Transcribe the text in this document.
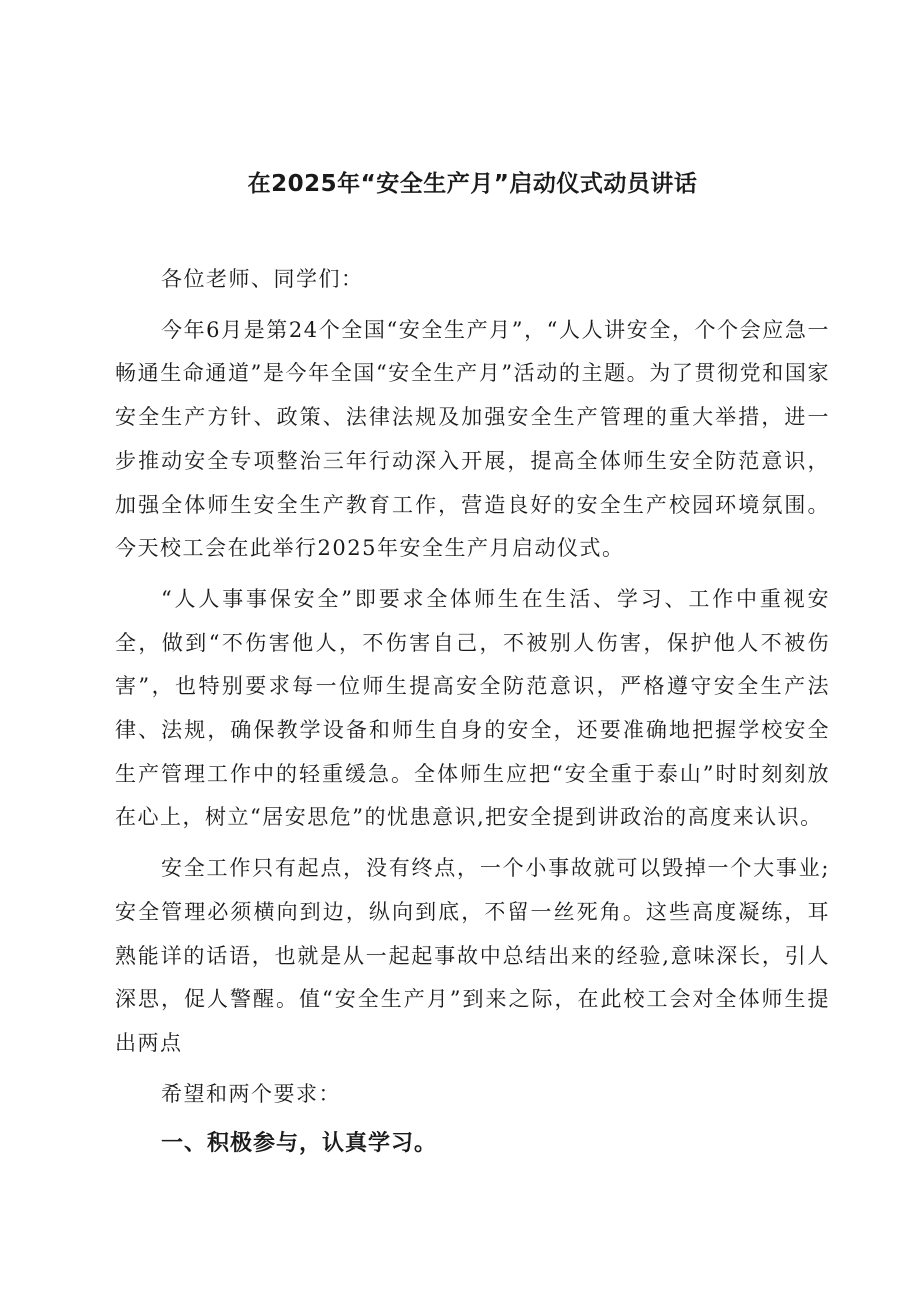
在2025年“安全生产月”启动仪式动员讲话

各位老师、同学们：

今年6月是第24个全国“安全生产月”，“人人讲安全，个个会应急一畅通生命通道”是今年全国“安全生产月”活动的主题。为了贯彻党和国家安全生产方针、政策、法律法规及加强安全生产管理的重大举措，进一步推动安全专项整治三年行动深入开展，提高全体师生安全防范意识，加强全体师生安全生产教育工作，营造良好的安全生产校园环境氛围。今天校工会在此举行2025年安全生产月启动仪式。

“人人事事保安全”即要求全体师生在生活、学习、工作中重视安全，做到“不伤害他人，不伤害自己，不被别人伤害，保护他人不被伤害”，也特别要求每一位师生提高安全防范意识，严格遵守安全生产法律、法规，确保教学设备和师生自身的安全，还要准确地把握学校安全生产管理工作中的轻重缓急。全体师生应把“安全重于泰山”时时刻刻放在心上，树立“居安思危”的忧患意识,把安全提到讲政治的高度来认识。

安全工作只有起点，没有终点，一个小事故就可以毁掉一个大事业;安全管理必须横向到边，纵向到底，不留一丝死角。这些高度凝练，耳熟能详的话语，也就是从一起起事故中总结出来的经验,意味深长，引人深思，促人警醒。值“安全生产月”到来之际，在此校工会对全体师生提出两点

希望和两个要求：

一、积极参与，认真学习。
